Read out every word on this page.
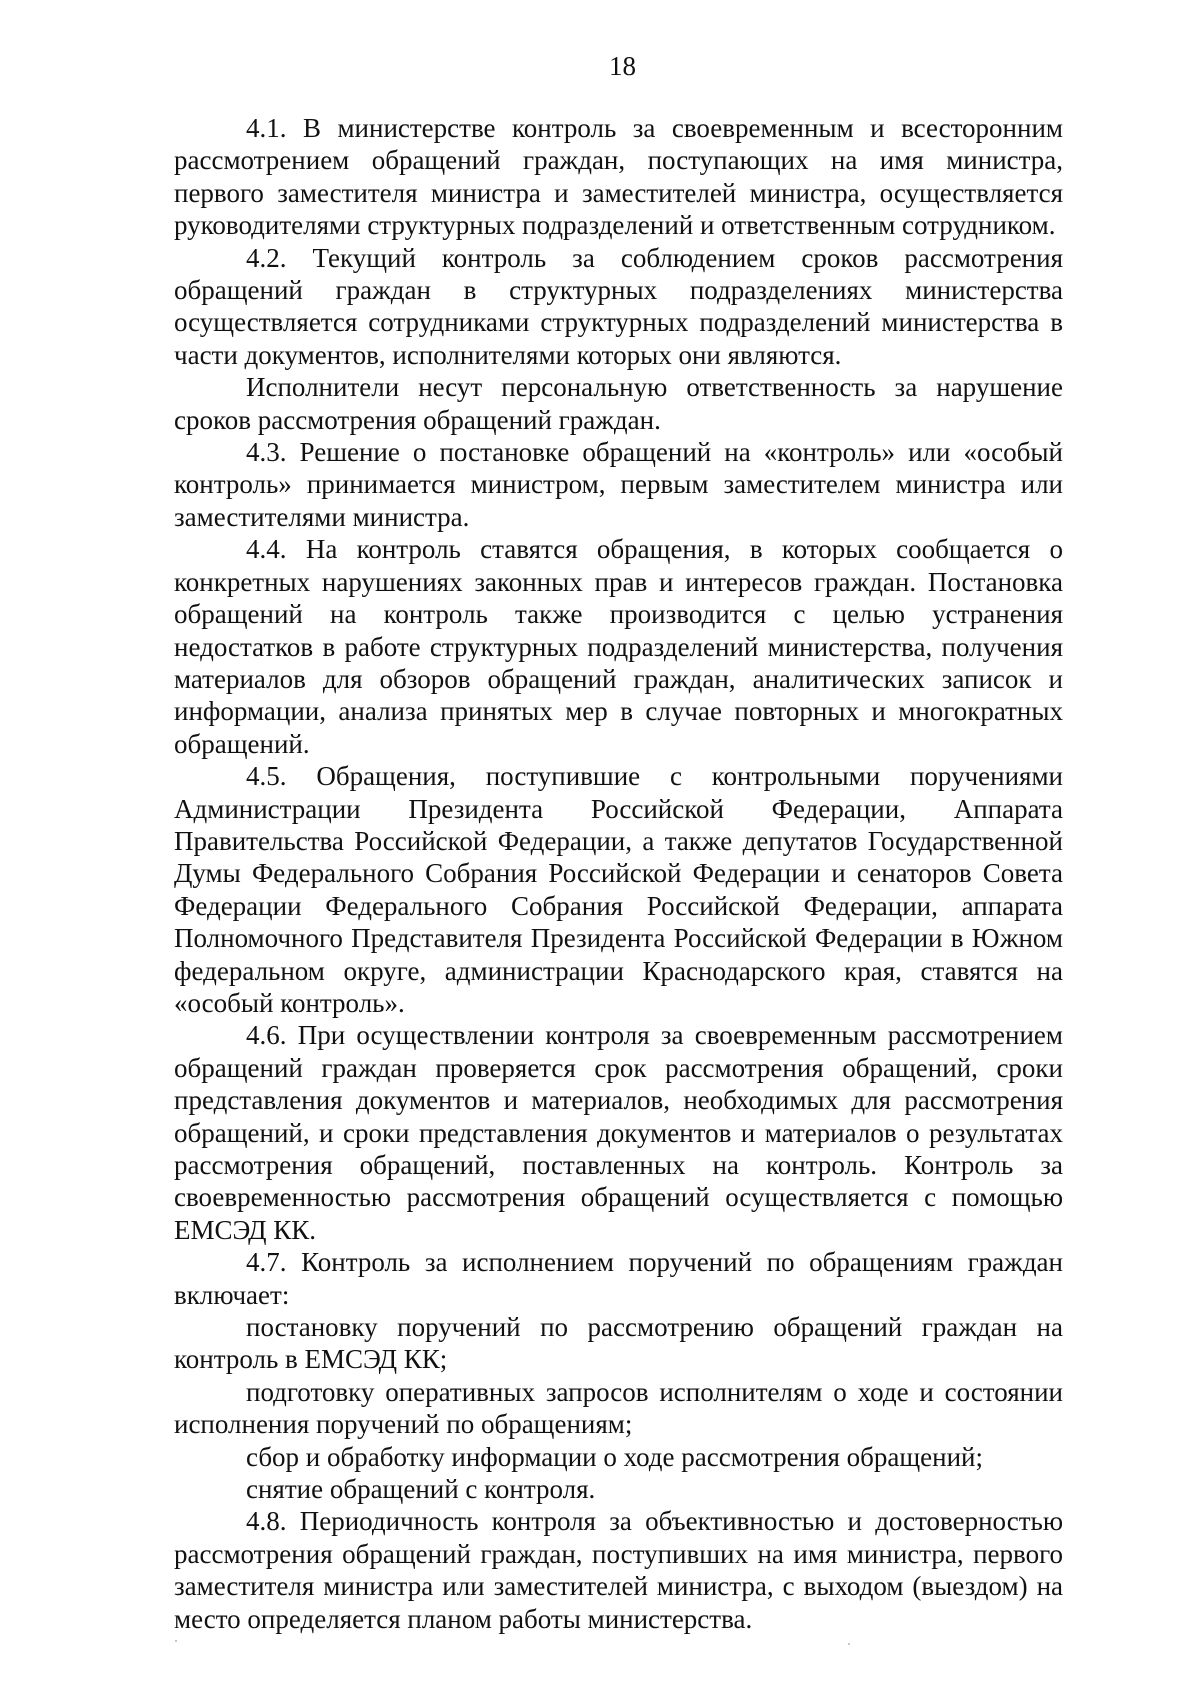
18

4.1. В министерстве контроль за своевременным и всесторонним рассмотрением обращений граждан, поступающих на имя министра, первого заместителя министра и заместителей министра, осуществляется руководителями структурных подразделений и ответственным сотрудником.

4.2. Текущий контроль за соблюдением сроков рассмотрения обращений граждан в структурных подразделениях министерства осуществляется сотрудниками структурных подразделений министерства в части документов, исполнителями которых они являются.

Исполнители несут персональную ответственность за нарушение сроков рассмотрения обращений граждан.

4.3. Решение о постановке обращений на «контроль» или «особый контроль» принимается министром, первым заместителем министра или заместителями министра.

4.4. На контроль ставятся обращения, в которых сообщается о конкретных нарушениях законных прав и интересов граждан. Постановка обращений на контроль также производится с целью устранения недостатков в работе структурных подразделений министерства, получения материалов для обзоров обращений граждан, аналитических записок и информации, анализа принятых мер в случае повторных и многократных обращений.

4.5. Обращения, поступившие с контрольными поручениями Администрации Президента Российской Федерации, Аппарата Правительства Российской Федерации, а также депутатов Государственной Думы Федерального Собрания Российской Федерации и сенаторов Совета Федерации Федерального Собрания Российской Федерации, аппарата Полномочного Представителя Президента Российской Федерации в Южном федеральном округе, администрации Краснодарского края, ставятся на «особый контроль».

4.6. При осуществлении контроля за своевременным рассмотрением обращений граждан проверяется срок рассмотрения обращений, сроки представления документов и материалов, необходимых для рассмотрения обращений, и сроки представления документов и материалов о результатах рассмотрения обращений, поставленных на контроль. Контроль за своевременностью рассмотрения обращений осуществляется с помощью ЕМСЭД КК.

4.7. Контроль за исполнением поручений по обращениям граждан включает:

постановку поручений по рассмотрению обращений граждан на контроль в ЕМСЭД КК;

подготовку оперативных запросов исполнителям о ходе и состоянии исполнения поручений по обращениям;

сбор и обработку информации о ходе рассмотрения обращений;

снятие обращений с контроля.

4.8. Периодичность контроля за объективностью и достоверностью рассмотрения обращений граждан, поступивших на имя министра, первого заместителя министра или заместителей министра, с выходом (выездом) на место определяется планом работы министерства.
